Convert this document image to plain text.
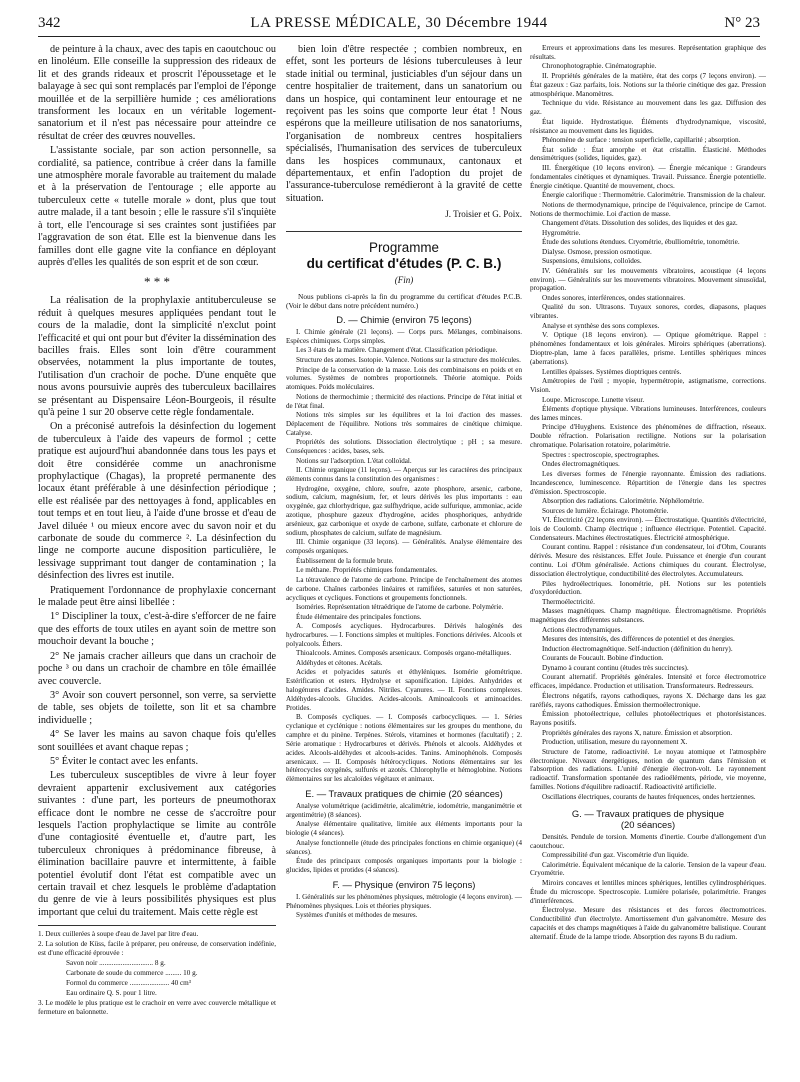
342	LA PRESSE MÉDICALE, 30 Décembre 1944	N° 23

de peinture à la chaux, avec des tapis en caoutchouc ou en linoléum. Elle conseille la suppression des rideaux de lit et des grands rideaux et proscrit l'époussetage et le balayage à sec qui sont remplacés par l'emploi de l'éponge mouillée et de la serpillière humide ; ces améliorations transforment les locaux en un véritable logement-sanatorium et il n'est pas nécessaire pour atteindre ce résultat de créer des œuvres nouvelles.

L'assistante sociale, par son action personnelle, sa cordialité, sa patience, contribue à créer dans la famille une atmosphère morale favorable au traitement du malade et à la préservation de l'entourage ; elle apporte au tuberculeux cette « tutelle morale » dont, plus que tout autre malade, il a tant besoin ; elle le rassure s'il s'inquiète à tort, elle l'encourage si ses craintes sont justifiées par l'aggravation de son état. Elle est la bienvenue dans les familles dont elle gagne vite la confiance en déployant auprès d'elles les qualités de son esprit et de son cœur.

* * *

La réalisation de la prophylaxie antituberculeuse se réduit à quelques mesures appliquées pendant tout le cours de la maladie, dont la simplicité n'exclut point l'efficacité et qui ont pour but d'éviter la dissémination des bacilles frais. Elles sont loin d'être couramment observées, notamment la plus importante de toutes, l'utilisation d'un crachoir de poche. D'une enquête que nous avons poursuivie auprès des tuberculeux bacillaires se présentant au Dispensaire Léon-Bourgeois, il résulte qu'à peine 1 sur 20 observe cette règle fondamentale.

On a préconisé autrefois la désinfection du logement de tuberculeux à l'aide des vapeurs de formol ; cette pratique est aujourd'hui abandonnée dans tous les pays et doit être considérée comme un anachronisme prophylactique (Chagas), la propreté permanente des locaux étant préférable à une désinfection périodique ; elle est réalisée par des nettoyages à fond, applicables en tout temps et en tout lieu, à l'aide d'une brosse et d'eau de Javel diluée ¹ ou mieux encore avec du savon noir et du carbonate de soude du commerce ². La désinfection du linge ne comporte aucune disposition particulière, le lessivage supprimant tout danger de contamination ; la désinfection des livres est inutile.

Pratiquement l'ordonnance de prophylaxie concernant le malade peut être ainsi libellée :

1° Discipliner la toux, c'est-à-dire s'efforcer de ne faire que des efforts de toux utiles en ayant soin de mettre son mouchoir devant la bouche ;

2° Ne jamais cracher ailleurs que dans un crachoir de poche ³ ou dans un crachoir de chambre en tôle émaillée avec couvercle.

3° Avoir son couvert personnel, son verre, sa serviette de table, ses objets de toilette, son lit et sa chambre individuelle ;

4° Se laver les mains au savon chaque fois qu'elles sont souillées et avant chaque repas ;

5° Éviter le contact avec les enfants.

Les tuberculeux susceptibles de vivre à leur foyer devraient appartenir exclusivement aux catégories suivantes : d'une part, les porteurs de pneumothorax efficace dont le nombre ne cesse de s'accroître pour lesquels l'action prophylactique se limite au contrôle d'une contagiosité éventuelle et, d'autre part, les tuberculeux chroniques à prédominance fibreuse, à élimination bacillaire pauvre et intermittente, à faible potentiel évolutif dont l'état est compatible avec un certain travail et chez lesquels le problème d'adaptation du genre de vie à leurs possibilités physiques est plus important que celui du traitement. Mais cette règle est

1. Deux cuillerées à soupe d'eau de Javel par litre d'eau.
2. La solution de Küss, facile à préparer, peu onéreuse, de conservation indéfinie, est d'une efficacité éprouvée :
Savon noir .............................. 8 g.
Carbonate de soude du commerce ......... 10 g.
Formol du commerce ...................... 40 cm³
Eau ordinaire Q. S. pour 1 litre.
3. Le modèle le plus pratique est le crachoir en verre avec couvercle métallique et fermeture en baïonnette.

bien loin d'être respectée ; combien nombreux, en effet, sont les porteurs de lésions tuberculeuses à leur stade initial ou terminal, justiciables d'un séjour dans un centre hospitalier de traitement, dans un sanatorium ou dans un hospice, qui contaminent leur entourage et ne reçoivent pas les soins que comporte leur état ! Nous espérons que la meilleure utilisation de nos sanatoriums, l'organisation de nombreux centres hospitaliers spécialisés, l'humanisation des services de tuberculeux dans les hospices communaux, cantonaux et départementaux, et enfin l'adoption du projet de l'assurance-tuberculose remédieront à la gravité de cette situation.

J. Troisier et G. Poix.
Programme
du certificat d'études (P. C. B.)
(Fin)

Nous publions ci-après la fin du programme du certificat d'études P.C.B. (Voir le début dans notre précédent numéro.)

D. — Chimie (environ 75 leçons)

I. Chimie générale (21 leçons). — Corps purs. Mélanges, combinaisons. Espèces chimiques. Corps simples.

Les 3 états de la matière. Changement d'état. Classification périodique.

Structure des atomes. Isotopie. Valence. Notions sur la structure des molécules.

Principe de la conservation de la masse. Lois des combinaisons en poids et en volumes. Systèmes de nombres proportionnels. Théorie atomique. Poids atomiques. Poids moléculaires.

Notions de thermochimie ; thermicité des réactions. Principe de l'état initial et de l'état final.

Notions très simples sur les équilibres et la loi d'action des masses. Déplacement de l'équilibre. Notions très sommaires de cinétique chimique. Catalyse.

Propriétés des solutions. Dissociation électrolytique ; pH ; sa mesure. Conséquences : acides, bases, sels.

Notions sur l'adsorption. L'état colloïdal.

II. Chimie organique (11 leçons). — Aperçus sur les caractères des principaux éléments connus dans la constitution des organismes :

Hydrogène, oxygène, chlore, soufre, azote phosphore, arsenic, carbone, sodium, calcium, magnésium, fer, et leurs dérivés les plus importants : eau oxygénée, gaz chlorhydrique, gaz sulfhydrique, acide sulfurique, ammoniac, acide azotique, phosphure gazeux d'hydrogène, acides phosphoriques, anhydride arsénieux, gaz carbonique et oxyde de carbone, sulfate, carbonate et chlorure de sodium, phosphates de calcium, sulfate de magnésium.

III. Chimie organique (33 leçons). — Généralités. Analyse élémentaire des composés organiques.

Établissement de la formule brute.

Le méthane. Propriétés chimiques fondamentales.

La tétravalence de l'atome de carbone. Principe de l'enchaînement des atomes de carbone. Chaînes carbonées linéaires et ramifiées, saturées et non saturées, acycliques et cycliques. Fonctions et groupements fonctionnels.

Isoméries. Représentation tétraédrique de l'atome de carbone. Polymérie.

Étude élémentaire des principales fonctions.

A. Composés acycliques. Hydrocarbures. Dérivés halogénés des hydrocarbures. — I. Fonctions simples et multiples. Fonctions dérivées. Alcools et polyalcools. Éthers.

Thioalcools. Amines. Composés arsenicaux. Composés organo-métalliques.

Aldéhydes et cétones. Acétals.

Acides et polyacides saturés et éthyléniques. Isomérie géométrique. Estérification et esters. Hydrolyse et saponification. Lipides. Anhydrides et halogénures d'acides. Amides. Nitriles. Cyanures. — II. Fonctions complexes. Aldéhydes-alcools. Glucides. Acides-alcools. Aminoalcools et aminoacides. Protides.

B. Composés cycliques. — I. Composés carbocycliques. — 1. Séries cyclanique et cyclénique : notions élémentaires sur les groupes du menthone, du camphre et du pinène. Terpènes. Stérols, vitamines et hormones (facultatif) ; 2. Série aromatique : Hydrocarbures et dérivés. Phénols et alcools. Aldéhydes et acides. Alcools-aldéhydes et alcools-acides. Tanins. Aminophénols. Composés arsenicaux. — II. Composés hétérocycliques. Notions élémentaires sur les hétérocycles oxygénés, sulfurés et azotés. Chlorophylle et hémoglobine. Notions élémentaires sur les alcaloïdes végétaux et animaux.

E. — Travaux pratiques de chimie (20 séances)

Analyse volumétrique (acidimétrie, alcalimétrie, iodométrie, manganimétrie et argentimétrie) (8 séances).

Analyse élémentaire qualitative, limitée aux éléments importants pour la biologie (4 séances).

Analyse fonctionnelle (étude des principales fonctions en chimie organique) (4 séances).

Étude des principaux composés organiques importants pour la biologie : glucides, lipides et protides (4 séances).

F. — Physique (environ 75 leçons)

I. Généralités sur les phénomènes physiques, métrologie (4 leçons environ). — Phénomènes physiques. Lois et théories physiques.

Systèmes d'unités et méthodes de mesures.

Erreurs et approximations dans les mesures. Représentation graphique des résultats.

Chronophotographie. Cinématographie.

II. Propriétés générales de la matière, état des corps (7 leçons environ). — État gazeux : Gaz parfaits, lois. Notions sur la théorie cinétique des gaz. Pression atmosphérique. Manomètres.

Technique du vide. Résistance au mouvement dans les gaz. Diffusion des gaz.

État liquide. Hydrostatique. Éléments d'hydrodynamique, viscosité, résistance au mouvement dans les liquides.

Phénomène de surface : tension superficielle, capillarité ; absorption.

État solide : État amorphe et état cristallin. Élasticité. Méthodes densimétriques (solides, liquides, gaz).

III. Énergétique (10 leçons environ). — Énergie mécanique : Grandeurs fondamentales cinétiques et dynamiques. Travail. Puissance. Énergie potentielle. Énergie cinétique. Quantité de mouvement, chocs.

Énergie calorifique : Thermométrie. Calorimétrie. Transmission de la chaleur.

Notions de thermodynamique, principe de l'équivalence, principe de Carnot. Notions de thermochimie. Loi d'action de masse.

Changement d'états. Dissolution des solides, des liquides et des gaz.

Hygrométrie.

Étude des solutions étendues. Cryométrie, ébulliométrie, tonométrie.

Dialyse. Osmose, pression osmotique.

Suspensions, émulsions, colloïdes.

IV. Généralités sur les mouvements vibratoires, acoustique (4 leçons environ). — Généralités sur les mouvements vibratoires. Mouvement sinusoïdal, propagation.

Ondes sonores, interférences, ondes stationnaires.

Qualité du son. Ultrasons. Tuyaux sonores, cordes, diapasons, plaques vibrantes.

Analyse et synthèse des sons complexes.

V. Optique (18 leçons environ). — Optique géométrique. Rappel : phénomènes fondamentaux et lois générales. Miroirs sphériques (aberrations). Dioptre-plan, lame à faces parallèles, prisme. Lentilles sphériques minces (aberrations).

Lentilles épaisses. Systèmes dioptriques centrés.

Amétropies de l'œil ; myopie, hypermétropie, astigmatisme, corrections. Vision.

Loupe. Microscope. Lunette viseur.

Éléments d'optique physique. Vibrations lumineuses. Interférences, couleurs des lames minces.

Principe d'Huyghens. Existence des phénomènes de diffraction, réseaux. Double réfraction. Polarisation rectiligne. Notions sur la polarisation chromatique. Polarisation rotatoire, polarimétrie.

Spectres : spectroscopie, spectrographes.

Ondes électromagnétiques.

Les diverses formes de l'énergie rayonnante. Émission des radiations. Incandescence, luminescence. Répartition de l'énergie dans les spectres d'émission. Spectroscopie.

Absorption des radiations. Calorimétrie. Néphélométrie.

Sources de lumière. Éclairage. Photométrie.

VI. Électricité (22 leçons environ). — Électrostatique. Quantités d'électricité, lois de Coulomb. Champ électrique ; influence électrique. Potentiel. Capacité. Condensateurs. Machines électrostatiques. Électricité atmosphérique.

Courant continu. Rappel : résistance d'un condensateur, loi d'Ohm, Courants dérivés. Mesure des résistances. Effet Joule. Puissance et énergie d'un courant continu. Loi d'Ohm généralisée. Actions chimiques du courant. Électrolyse, dissociation électrolytique, conductibilité des électrolytes. Accumulateurs.

Piles hydroélectriques. Ionométrie, pH. Notions sur les potentiels d'oxydoréduction.

Thermoélectricité.

Masses magnétiques. Champ magnétique. Électromagnétisme. Propriétés magnétiques des différentes substances.

Actions électrodynamiques.

Mesures des intensités, des différences de potentiel et des énergies.

Induction électromagnétique. Self-induction (définition du henry).

Courants de Foucault. Bobine d'induction.

Dynamo à courant continu (études très succinctes).

Courant alternatif. Propriétés générales. Intensité et force électromotrice efficaces, impédance. Production et utilisation. Transformateurs. Redresseurs.

Électrons négatifs, rayons cathodiques, rayons X. Décharge dans les gaz raréfiés, rayons cathodiques. Émission thermoélectronique.

Émission photoélectrique, cellules photoélectriques et photorésistances. Rayons positifs.

Propriétés générales des rayons X, nature. Émission et absorption.

Production, utilisation, mesure du rayonnement X.

Structure de l'atome, radioactivité. Le noyau atomique et l'atmosphère électronique. Niveaux énergétiques, notion de quantum dans l'émission et l'absorption des radiations. L'unité d'énergie électron-volt. Le rayonnement radioactif. Transformation spontanée des radioéléments, période, vie moyenne, familles. Notions d'équilibre radioactif. Radioactivité artificielle.

Oscillations électriques, courants de hautes fréquences, ondes hertziennes.

G. — Travaux pratiques de physique
(20 séances)

Densités. Pendule de torsion. Moments d'inertie. Courbe d'allongement d'un caoutchouc.

Compressibilité d'un gaz. Viscométrie d'un liquide.

Calorimétrie. Équivalent mécanique de la calorie. Tension de la vapeur d'eau. Cryométrie.

Miroirs concaves et lentilles minces sphériques, lentilles cylindrosphériques. Étude du microscope. Spectroscopie. Lumière polarisée, polarimétrie. Franges d'interférences.

Électrolyse. Mesure des résistances et des forces électromotrices. Conductibilité d'un électrolyte. Amortissement d'un galvanomètre. Mesure des capacités et des champs magnétiques à l'aide du galvanomètre balistique. Courant alternatif. Étude de la lampe triode. Absorption des rayons B du radium.
